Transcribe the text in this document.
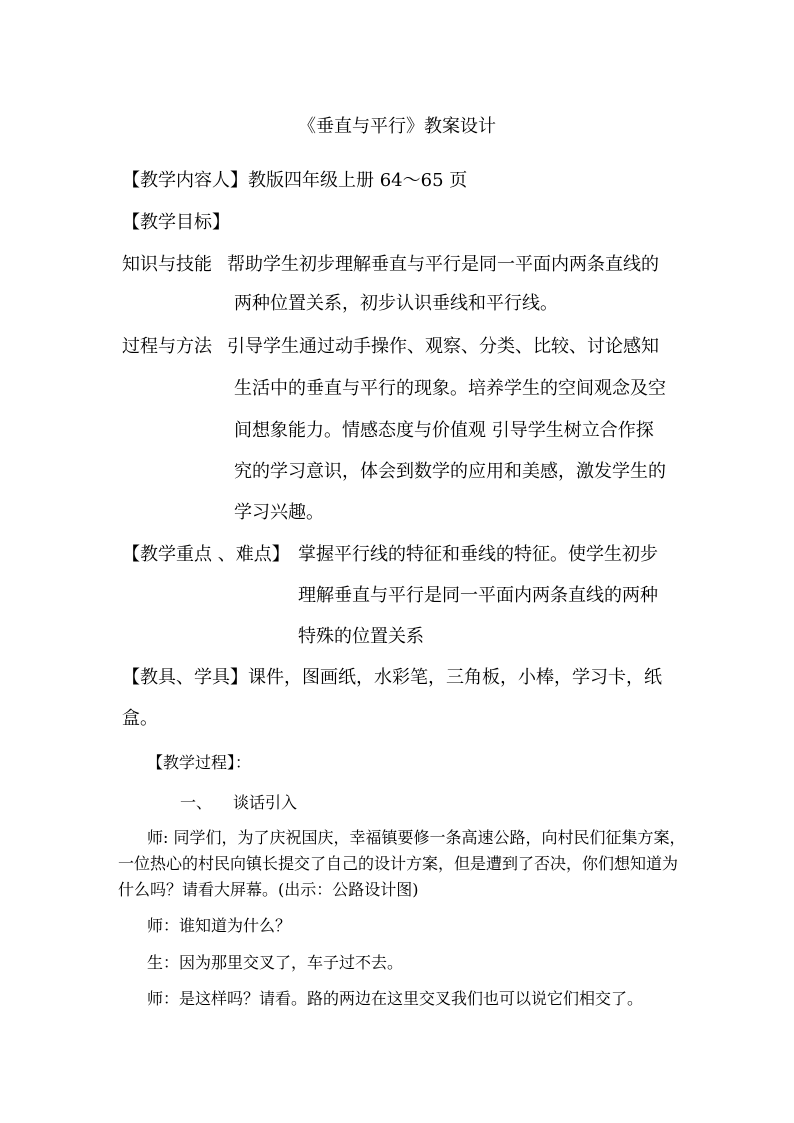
《垂直与平行》教案设计
【教学内容人】教版四年级上册 64～65 页
【教学目标】
知识与技能 帮助学生初步理解垂直与平行是同一平面内两条直线的
两种位置关系，初步认识垂线和平行线。
过程与方法 引导学生通过动手操作、观察、分类、比较、讨论感知
生活中的垂直与平行的现象。培养学生的空间观念及空
间想象能力。情感态度与价值观 引导学生树立合作探
究的学习意识，体会到数学的应用和美感，激发学生的
学习兴趣。
【教学重点 、难点】 掌握平行线的特征和垂线的特征。使学生初步
理解垂直与平行是同一平面内两条直线的两种
特殊的位置关系
【教具、学具】课件，图画纸，水彩笔，三角板，小棒，学习卡，纸
盒。
【教学过程】：
一、 谈话引入
师: 同学们，为了庆祝国庆，幸福镇要修一条高速公路，向村民们征集方案，
一位热心的村民向镇长提交了自己的设计方案，但是遭到了否决，你们想知道为
什么吗？请看大屏幕。(出示：公路设计图)
师：谁知道为什么？
生：因为那里交叉了，车子过不去。
师：是这样吗？请看。路的两边在这里交叉我们也可以说它们相交了。
